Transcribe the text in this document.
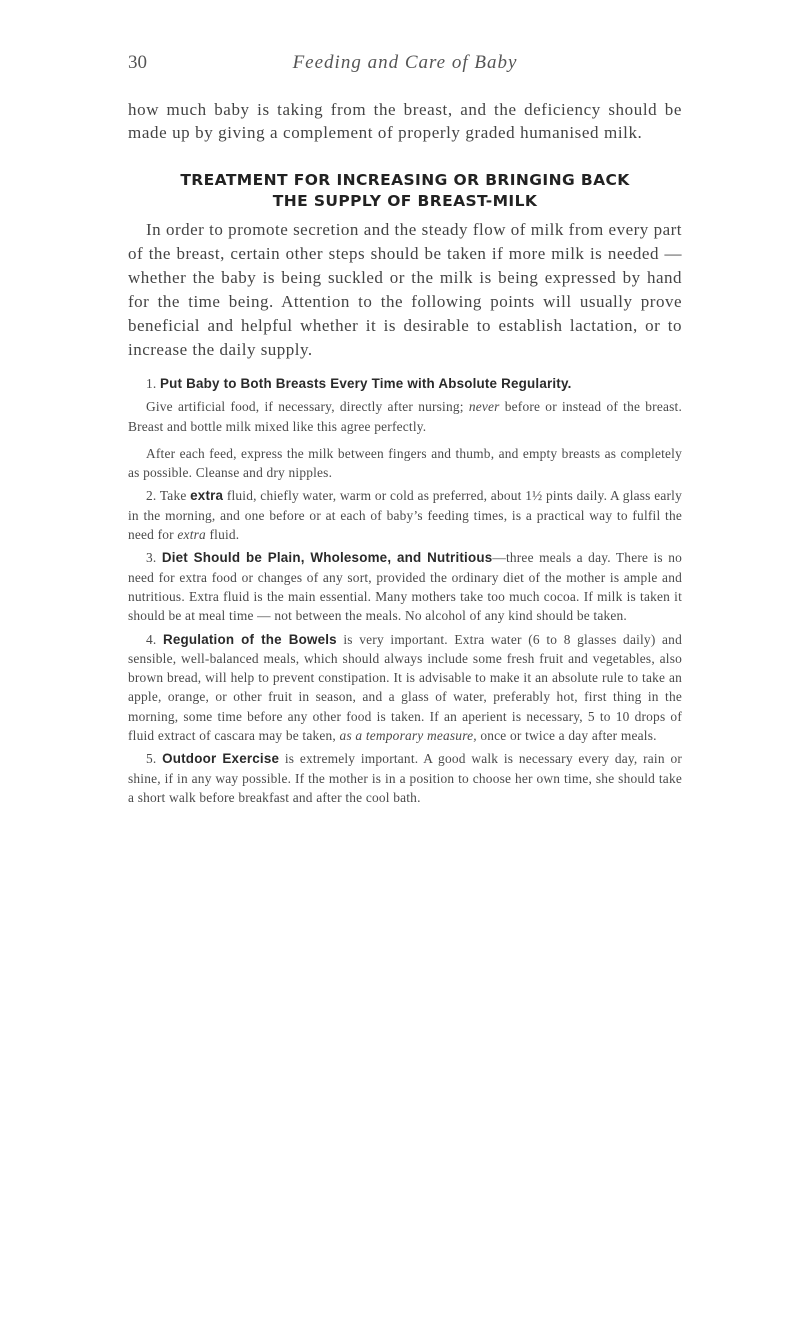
30	Feeding and Care of Baby

how much baby is taking from the breast, and the deficiency should be made up by giving a complement of properly graded humanised milk.

TREATMENT FOR INCREASING OR BRINGING BACK
THE SUPPLY OF BREAST-MILK

In order to promote secretion and the steady flow of milk from every part of the breast, certain other steps should be taken if more milk is needed — whether the baby is being suckled or the milk is being expressed by hand for the time being. Attention to the following points will usually prove beneficial and helpful whether it is desirable to establish lactation, or to increase the daily supply.

1. Put Baby to Both Breasts Every Time with Absolute Regularity.

Give artificial food, if necessary, directly after nursing; never before or instead of the breast. Breast and bottle milk mixed like this agree perfectly.

After each feed, express the milk between fingers and thumb, and empty breasts as completely as possible. Cleanse and dry nipples.

2. Take extra fluid, chiefly water, warm or cold as preferred, about 1½ pints daily. A glass early in the morning, and one before or at each of baby’s feeding times, is a practical way to fulfil the need for extra fluid.

3. Diet Should be Plain, Wholesome, and Nutritious—three meals a day. There is no need for extra food or changes of any sort, provided the ordinary diet of the mother is ample and nutritious. Extra fluid is the main essential. Many mothers take too much cocoa. If milk is taken it should be at meal time — not between the meals. No alcohol of any kind should be taken.

4. Regulation of the Bowels is very important. Extra water (6 to 8 glasses daily) and sensible, well-balanced meals, which should always include some fresh fruit and vegetables, also brown bread, will help to prevent constipation. It is advisable to make it an absolute rule to take an apple, orange, or other fruit in season, and a glass of water, preferably hot, first thing in the morning, some time before any other food is taken. If an aperient is necessary, 5 to 10 drops of fluid extract of cascara may be taken, as a temporary measure, once or twice a day after meals.

5. Outdoor Exercise is extremely important. A good walk is necessary every day, rain or shine, if in any way possible. If the mother is in a position to choose her own time, she should take a short walk before breakfast and after the cool bath.
